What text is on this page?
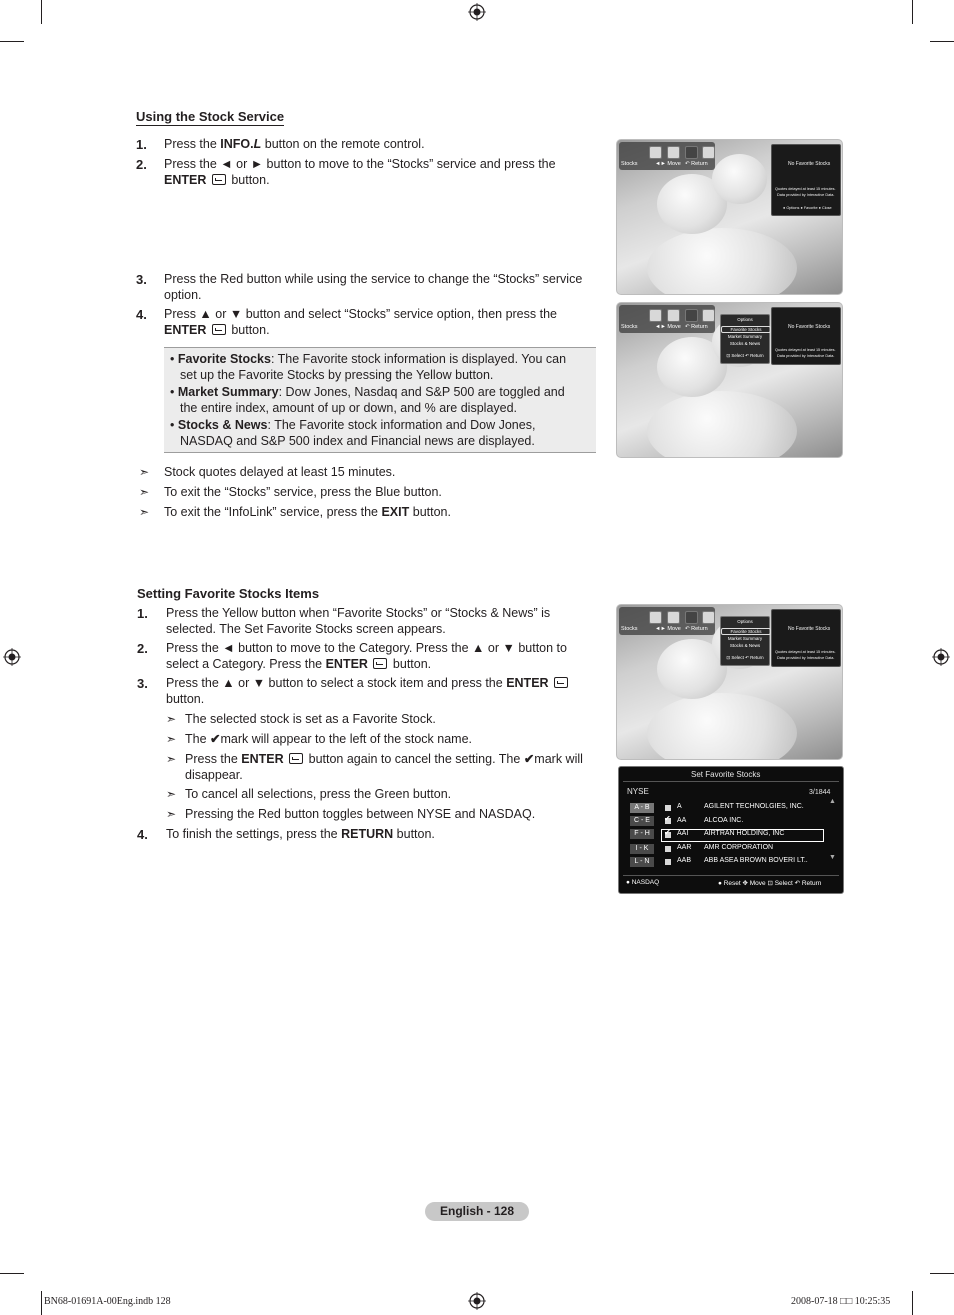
Using the Stock Service
1. Press the INFO.L button on the remote control.
2. Press the ◄ or ► button to move to the “Stocks” service and press the
ENTER  button.
3. Press the Red button while using the service to change the “Stocks” service
option.
4. Press ▲ or ▼ button and select “Stocks” service option, then press the
ENTER  button.
• Favorite Stocks: The Favorite stock information is displayed. You can
set up the Favorite Stocks by pressing the Yellow button.
• Market Summary: Dow Jones, Nasdaq and S&P 500 are toggled and
the entire index, amount of up or down, and % are displayed.
• Stocks & News: The Favorite stock information and Dow Jones,
NASDAQ and S&P 500 index and Financial news are displayed.
➣ Stock quotes delayed at least 15 minutes.
➣ To exit the “Stocks” service, press the Blue button.
➣ To exit the “InfoLink” service, press the EXIT button.
Setting Favorite Stocks Items
1. Press the Yellow button when “Favorite Stocks” or “Stocks & News” is
selected. The Set Favorite Stocks screen appears.
2. Press the ◄ button to move to the Category. Press the ▲ or ▼ button to
select a Category. Press the ENTER  button.
3. Press the ▲ or ▼ button to select a stock item and press the ENTER
button.
➣ The selected stock is set as a Favorite Stock.
➣ The ✔mark will appear to the left of the stock name.
➣ Press the ENTER  button again to cancel the setting. The ✔mark will
disappear.
➣ To cancel all selections, press the Green button.
➣ Pressing the Red button toggles between NYSE and NASDAQ.
4. To finish the settings, press the RETURN button.
Stocks	◄► Move ↶ Return	No Favorite Stocks
Quotes delayed at least 15 minutes.
Data provided by Interactive Data.
● Options ● Favorite ● Close
Stocks	◄► Move ↶ Return
Options
Favorite Stocks
Market Summary
Stocks & News
⊡ Select ↶ Return
No Favorite Stocks
Quotes delayed at least 15 minutes.
Data provided by Interactive Data.
Stocks	◄► Move ↶ Return
Options
Favorite Stocks
Market Summary
Stocks & News
⊡ Select ↶ Return
No Favorite Stocks
Quotes delayed at least 15 minutes.
Data provided by Interactive Data.
Set Favorite Stocks
NYSE	3/1844
A - B
C - E
F - H
I - K
L - N
A	AGILENT TECHNOLGIES, INC.
✔ AA	ALCOA INC.
✔ AAI AIRTRAN HOLDING, INC
AAR AMR CORPORATION
AAB ABB ASEA BROWN BOVERI LT..
▲
▼
● NASDAQ	● Reset ✥ Move ⊡ Select ↶ Return
English - 128
BN68-01691A-00Eng.indb 128	2008-07-18 □□ 10:25:35
